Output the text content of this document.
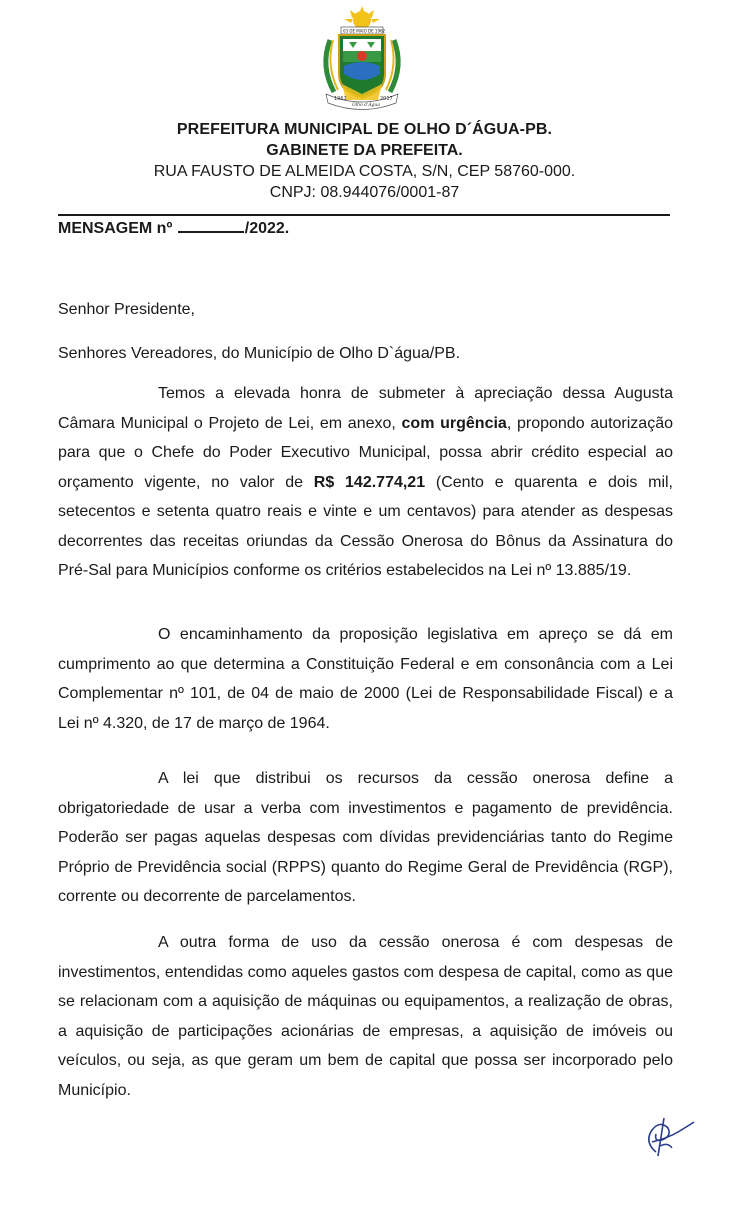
1962	2017
Olho d'Água
03 DE MAIO DE 1962
PREFEITURA MUNICIPAL DE OLHO D´ÁGUA-PB.
GABINETE DA PREFEITA.
RUA FAUSTO DE ALMEIDA COSTA, S/N, CEP 58760-000.
CNPJ: 08.944076/0001-87
MENSAGEM nº	/2022.
Senhor Presidente,
Senhores Vereadores, do Município de Olho D`água/PB.

Temos a elevada honra de submeter à apreciação dessa Augusta Câmara Municipal o Projeto de Lei, em anexo, com urgência, propondo autorização para que o Chefe do Poder Executivo Municipal, possa abrir crédito especial ao orçamento vigente, no valor de R$ 142.774,21 (Cento e quarenta e dois mil, setecentos e setenta quatro reais e vinte e um centavos) para atender as despesas decorrentes das receitas oriundas da Cessão Onerosa do Bônus da Assinatura do Pré-Sal para Municípios conforme os critérios estabelecidos na Lei nº 13.885/19.

O encaminhamento da proposição legislativa em apreço se dá em cumprimento ao que determina a Constituição Federal e em consonância com a Lei Complementar nº 101, de 04 de maio de 2000 (Lei de Responsabilidade Fiscal) e a Lei nº 4.320, de 17 de março de 1964.

A lei que distribui os recursos da cessão onerosa define a obrigatoriedade de usar a verba com investimentos e pagamento de previdência. Poderão ser pagas aquelas despesas com dívidas previdenciárias tanto do Regime Próprio de Previdência social (RPPS) quanto do Regime Geral de Previdência (RGP), corrente ou decorrente de parcelamentos.

A outra forma de uso da cessão onerosa é com despesas de investimentos, entendidas como aqueles gastos com despesa de capital, como as que se relacionam com a aquisição de máquinas ou equipamentos, a realização de obras, a aquisição de participações acionárias de empresas, a aquisição de imóveis ou veículos, ou seja, as que geram um bem de capital que possa ser incorporado pelo Município.
